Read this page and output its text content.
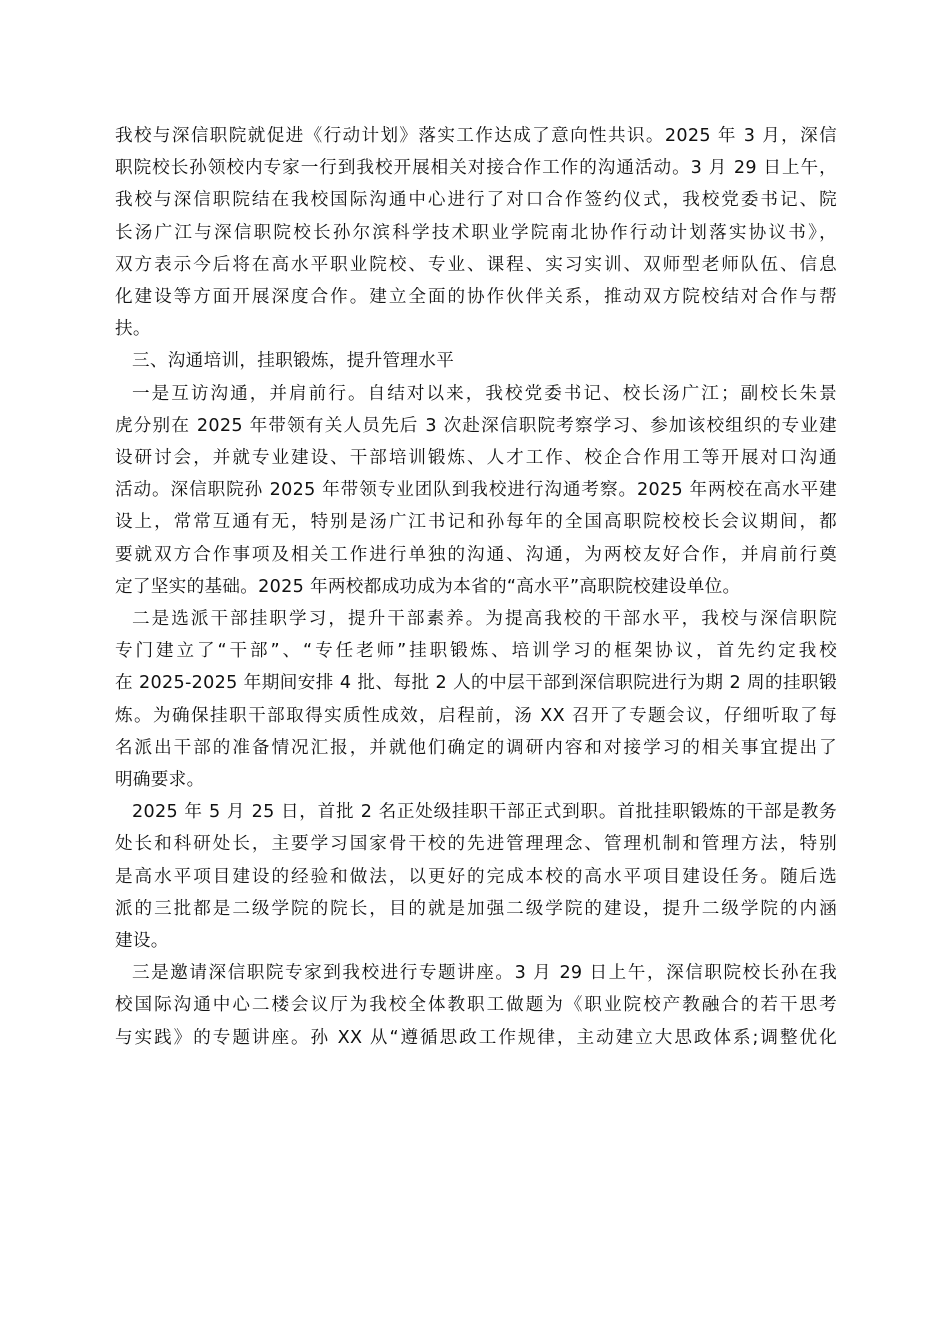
我校与深信职院就促进《行动计划》落实工作达成了意向性共识。2025 年 3 月，深信
职院校长孙领校内专家一行到我校开展相关对接合作工作的沟通活动。3 月 29 日上午，
我校与深信职院结在我校国际沟通中心进行了对口合作签约仪式，我校党委书记、院
长汤广江与深信职院校长孙尔滨科学技术职业学院南北协作行动计划落实协议书》，
双方表示今后将在高水平职业院校、专业、课程、实习实训、双师型老师队伍、信息
化建设等方面开展深度合作。建立全面的协作伙伴关系，推动双方院校结对合作与帮
扶。
三、沟通培训，挂职锻炼，提升管理水平
一是互访沟通，并肩前行。自结对以来，我校党委书记、校长汤广江；副校长朱景
虎分别在 2025 年带领有关人员先后 3 次赴深信职院考察学习、参加该校组织的专业建
设研讨会，并就专业建设、干部培训锻炼、人才工作、校企合作用工等开展对口沟通
活动。深信职院孙 2025 年带领专业团队到我校进行沟通考察。2025 年两校在高水平建
设上，常常互通有无，特别是汤广江书记和孙每年的全国高职院校校长会议期间，都
要就双方合作事项及相关工作进行单独的沟通、沟通，为两校友好合作，并肩前行奠
定了坚实的基础。2025 年两校都成功成为本省的“高水平”高职院校建设单位。
二是选派干部挂职学习，提升干部素养。为提高我校的干部水平，我校与深信职院
专门建立了“干部”、“专任老师”挂职锻炼、培训学习的框架协议，首先约定我校
在 2025-2025 年期间安排 4 批、每批 2 人的中层干部到深信职院进行为期 2 周的挂职锻
炼。为确保挂职干部取得实质性成效，启程前，汤 XX 召开了专题会议，仔细听取了每
名派出干部的准备情况汇报，并就他们确定的调研内容和对接学习的相关事宜提出了
明确要求。
2025 年 5 月 25 日，首批 2 名正处级挂职干部正式到职。首批挂职锻炼的干部是教务
处长和科研处长，主要学习国家骨干校的先进管理理念、管理机制和管理方法，特别
是高水平项目建设的经验和做法，以更好的完成本校的高水平项目建设任务。随后选
派的三批都是二级学院的院长，目的就是加强二级学院的建设，提升二级学院的内涵
建设。
三是邀请深信职院专家到我校进行专题讲座。3 月 29 日上午，深信职院校长孙在我
校国际沟通中心二楼会议厅为我校全体教职工做题为《职业院校产教融合的若干思考
与实践》的专题讲座。孙 XX 从“遵循思政工作规律，主动建立大思政体系;调整优化
